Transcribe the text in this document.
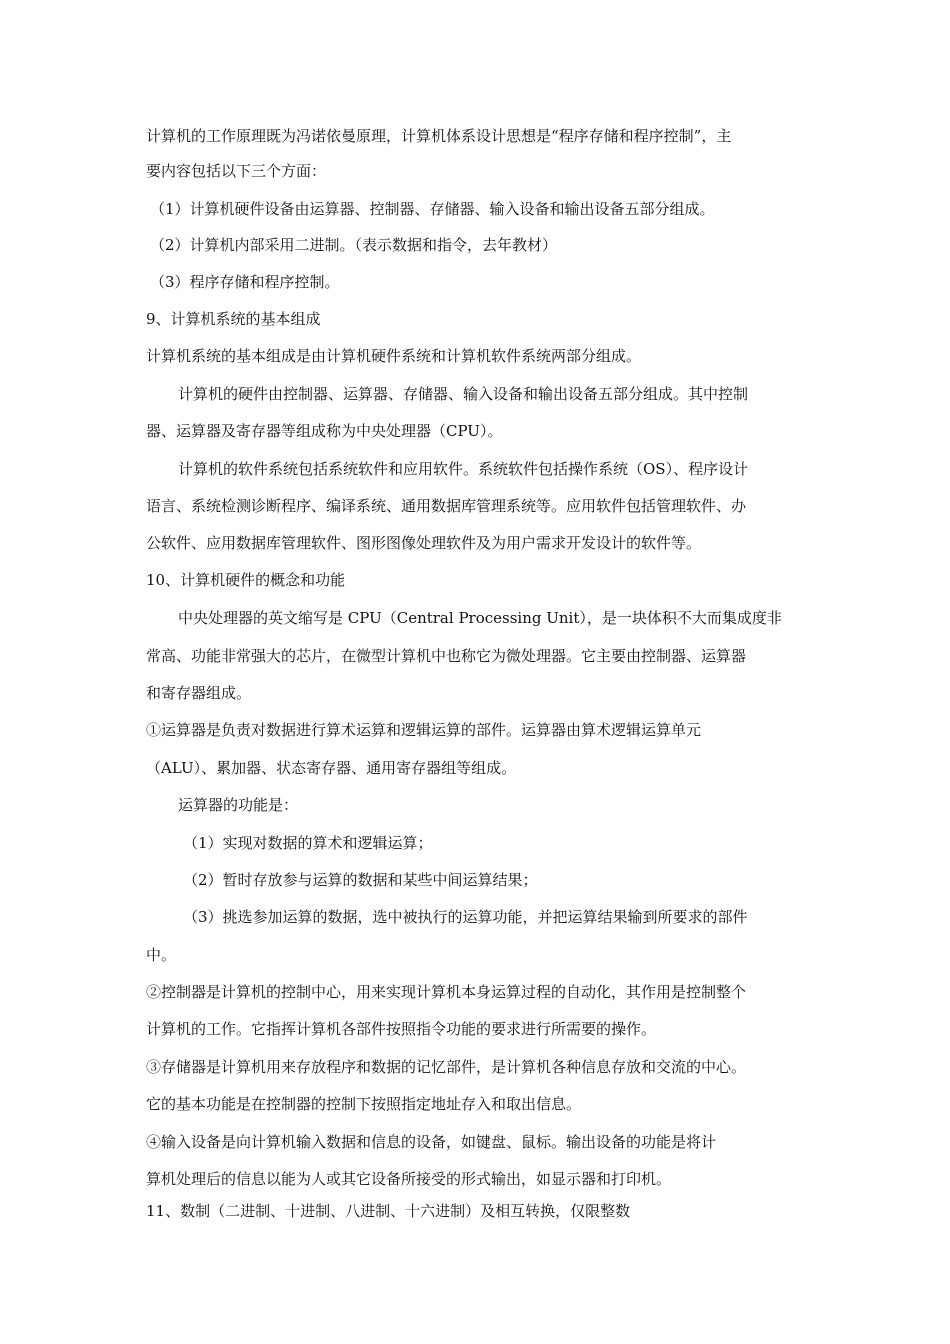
计算机的工作原理既为冯诺依曼原理，计算机体系设计思想是“程序存储和程序控制”，主
要内容包括以下三个方面：
（1）计算机硬件设备由运算器、控制器、存储器、输入设备和输出设备五部分组成。
（2）计算机内部采用二进制。（表示数据和指令，去年教材）
（3）程序存储和程序控制。
9、计算机系统的基本组成
计算机系统的基本组成是由计算机硬件系统和计算机软件系统两部分组成。
计算机的硬件由控制器、运算器、存储器、输入设备和输出设备五部分组成。其中控制
器、运算器及寄存器等组成称为中央处理器（CPU）。
计算机的软件系统包括系统软件和应用软件。系统软件包括操作系统（OS）、程序设计
语言、系统检测诊断程序、编译系统、通用数据库管理系统等。应用软件包括管理软件、办
公软件、应用数据库管理软件、图形图像处理软件及为用户需求开发设计的软件等。
10、计算机硬件的概念和功能
中央处理器的英文缩写是 CPU（Central Processing Unit），是一块体积不大而集成度非
常高、功能非常强大的芯片，在微型计算机中也称它为微处理器。它主要由控制器、运算器
和寄存器组成。
①运算器是负责对数据进行算术运算和逻辑运算的部件。运算器由算术逻辑运算单元
（ALU）、累加器、状态寄存器、通用寄存器组等组成。
运算器的功能是：
（1）实现对数据的算术和逻辑运算；
（2）暂时存放参与运算的数据和某些中间运算结果；
（3）挑选参加运算的数据，选中被执行的运算功能，并把运算结果输到所要求的部件
中。
②控制器是计算机的控制中心，用来实现计算机本身运算过程的自动化，其作用是控制整个
计算机的工作。它指挥计算机各部件按照指令功能的要求进行所需要的操作。
③存储器是计算机用来存放程序和数据的记忆部件，是计算机各种信息存放和交流的中心。
它的基本功能是在控制器的控制下按照指定地址存入和取出信息。
④输入设备是向计算机输入数据和信息的设备，如键盘、鼠标。输出设备的功能是将计
算机处理后的信息以能为人或其它设备所接受的形式输出，如显示器和打印机。
11、数制（二进制、十进制、八进制、十六进制）及相互转换，仅限整数
